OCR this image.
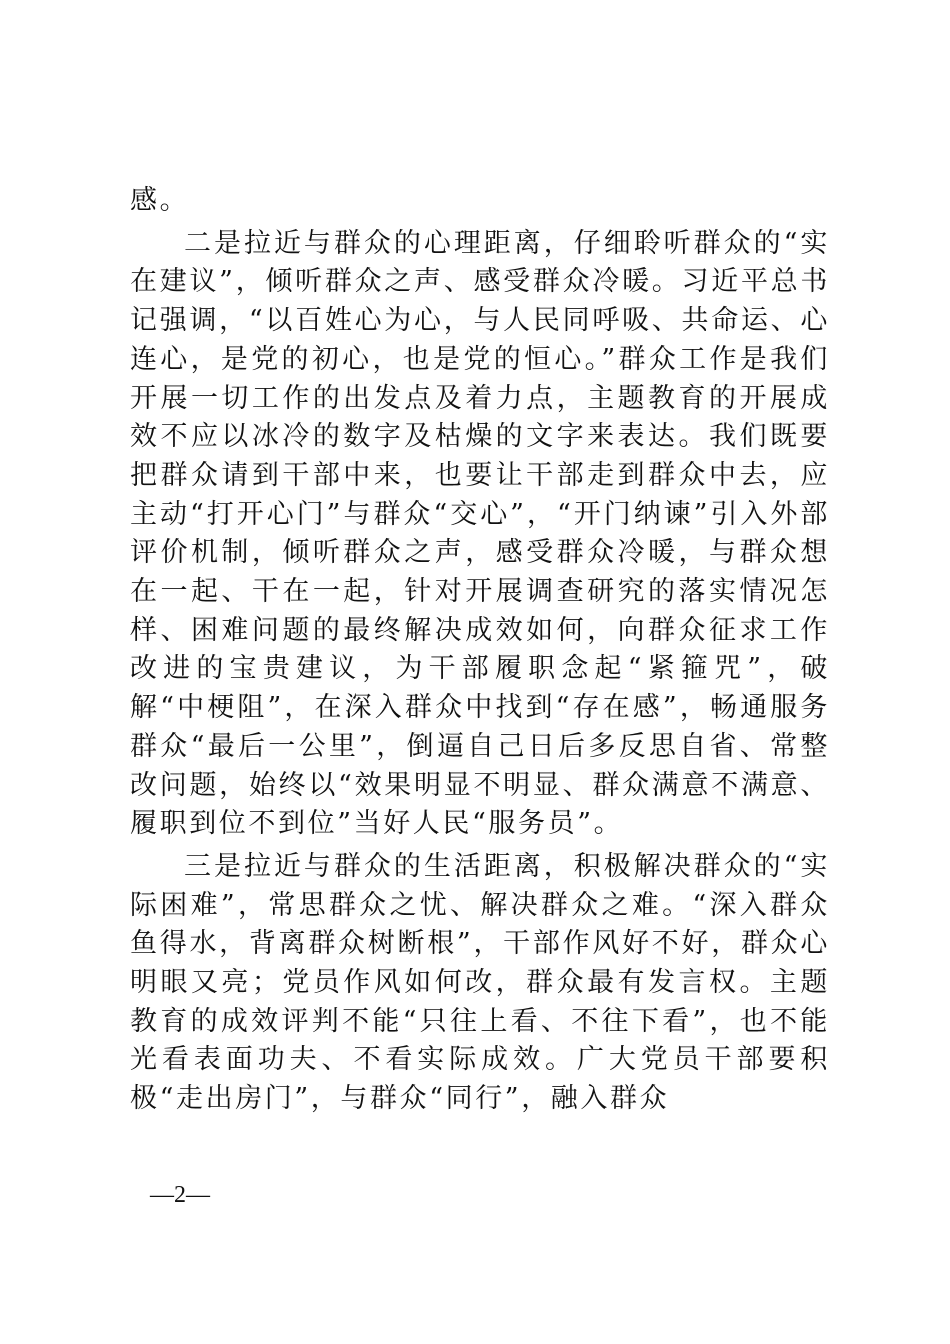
感。

二是拉近与群众的心理距离，仔细聆听群众的“实在建议”，倾听群众之声、感受群众冷暖。习近平总书记强调，“以百姓心为心，与人民同呼吸、共命运、心连心，是党的初心，也是党的恒心。”群众工作是我们开展一切工作的出发点及着力点，主题教育的开展成效不应以冰冷的数字及枯燥的文字来表达。我们既要把群众请到干部中来，也要让干部走到群众中去，应主动“打开心门”与群众“交心”，“开门纳谏”引入外部评价机制，倾听群众之声，感受群众冷暖，与群众想在一起、干在一起，针对开展调查研究的落实情况怎样、困难问题的最终解决成效如何，向群众征求工作改进的宝贵建议，为干部履职念起“紧箍咒”，破解“中梗阻”，在深入群众中找到“存在感”，畅通服务群众“最后一公里”，倒逼自己日后多反思自省、常整改问题，始终以“效果明显不明显、群众满意不满意、履职到位不到位”当好人民“服务员”。

三是拉近与群众的生活距离，积极解决群众的“实际困难”，常思群众之忧、解决群众之难。“深入群众鱼得水，背离群众树断根”，干部作风好不好，群众心明眼又亮；党员作风如何改，群众最有发言权。主题教育的成效评判不能“只往上看、不往下看”，也不能光看表面功夫、不看实际成效。广大党员干部要积极“走出房门”，与群众“同行”，融入群众

—2—
